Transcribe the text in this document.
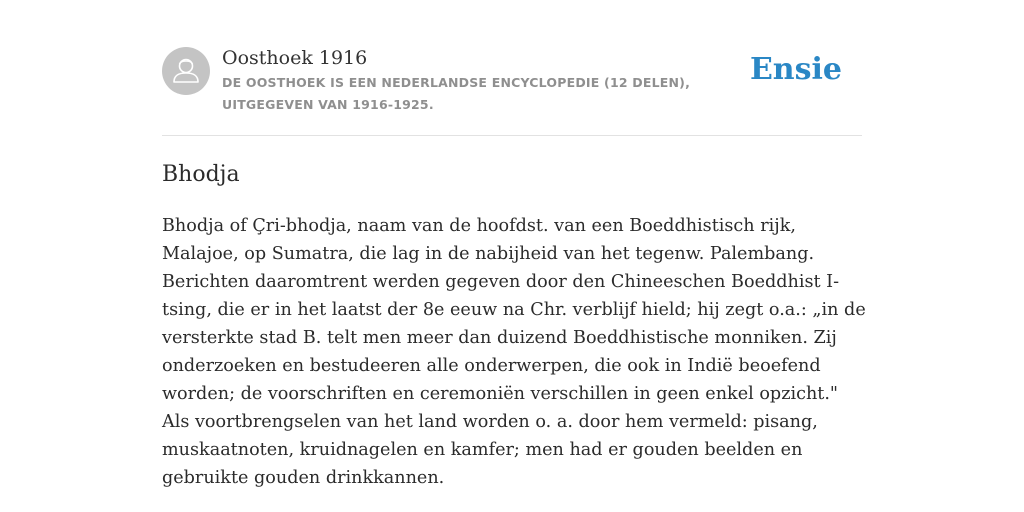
Oosthoek 1916
DE OOSTHOEK IS EEN NEDERLANDSE ENCYCLOPEDIE (12 DELEN), UITGEGEVEN VAN 1916-1925.
Ensie
Bhodja

Bhodja of Çri-bhodja, naam van de hoofdst. van een Boeddhistisch rijk, Malajoe, op Sumatra, die lag in de nabijheid van het tegenw. Palembang. Berichten daaromtrent werden gegeven door den Chineeschen Boeddhist I-tsing, die er in het laatst der 8e eeuw na Chr. verblijf hield; hij zegt o.a.: „in de versterkte stad B. telt men meer dan duizend Boeddhistische monniken. Zij onderzoeken en bestudeeren alle onderwerpen, die ook in Indië beoefend worden; de voorschriften en ceremoniën verschillen in geen enkel opzicht." Als voortbrengselen van het land worden o. a. door hem vermeld: pisang, muskaatnoten, kruidnagelen en kamfer; men had er gouden beelden en gebruikte gouden drinkkannen.
